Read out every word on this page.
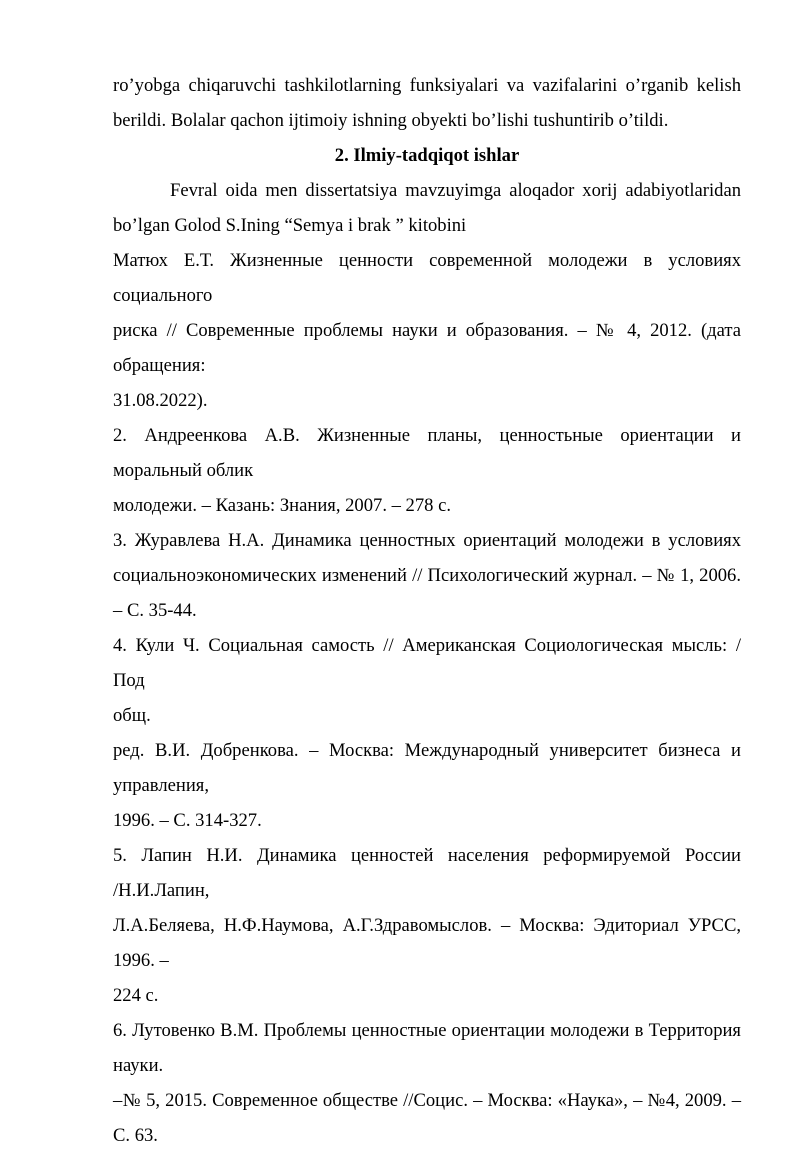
ro’yobga chiqaruvchi tashkilotlarning funksiyalari va vazifalarini o’rganib kelish

berildi. Bolalar qachon ijtimoiy ishning obyekti bo’lishi tushuntirib o’tildi.

2. Ilmiy-tadqiqot ishlar

Fevral oida men dissertatsiya mavzuyimga aloqador xorij adabiyotlaridan

bo’lgan Golod S.Ining “Semya i brak ” kitobini

Матюх Е.Т. Жизненные ценности современной молодежи в условиях

социального

риска // Современные проблемы науки и образования. – № 4, 2012. (дата

обращения:

31.08.2022).

2. Андреенкова А.В. Жизненные планы, ценностьные ориентации и

моральный облик

молодежи. – Казань: Знания, 2007. – 278 с.

3. Журавлева Н.А. Динамика ценностных ориентаций молодежи в условиях

социальноэкономических изменений // Психологический журнал. – № 1, 2006.

– С. 35-44.

4. Кули Ч. Социальная самость // Американская Социологическая мысль: / Под

общ.

ред. В.И. Добренкова. – Москва: Международный университет бизнеса и

управления,

1996. – С. 314-327.

5. Лапин Н.И. Динамика ценностей населения реформируемой России

/Н.И.Лапин,

Л.А.Беляева, Н.Ф.Наумова, А.Г.Здравомыслов. – Москва: Эдиториал УРСС,

1996. –

224 с.

6. Лутовенко В.М. Проблемы ценностные ориентации молодежи в Территория

науки.

–№ 5, 2015. Современное обществе //Социс. – Москва: «Наука», – №4, 2009. –

С. 63.
